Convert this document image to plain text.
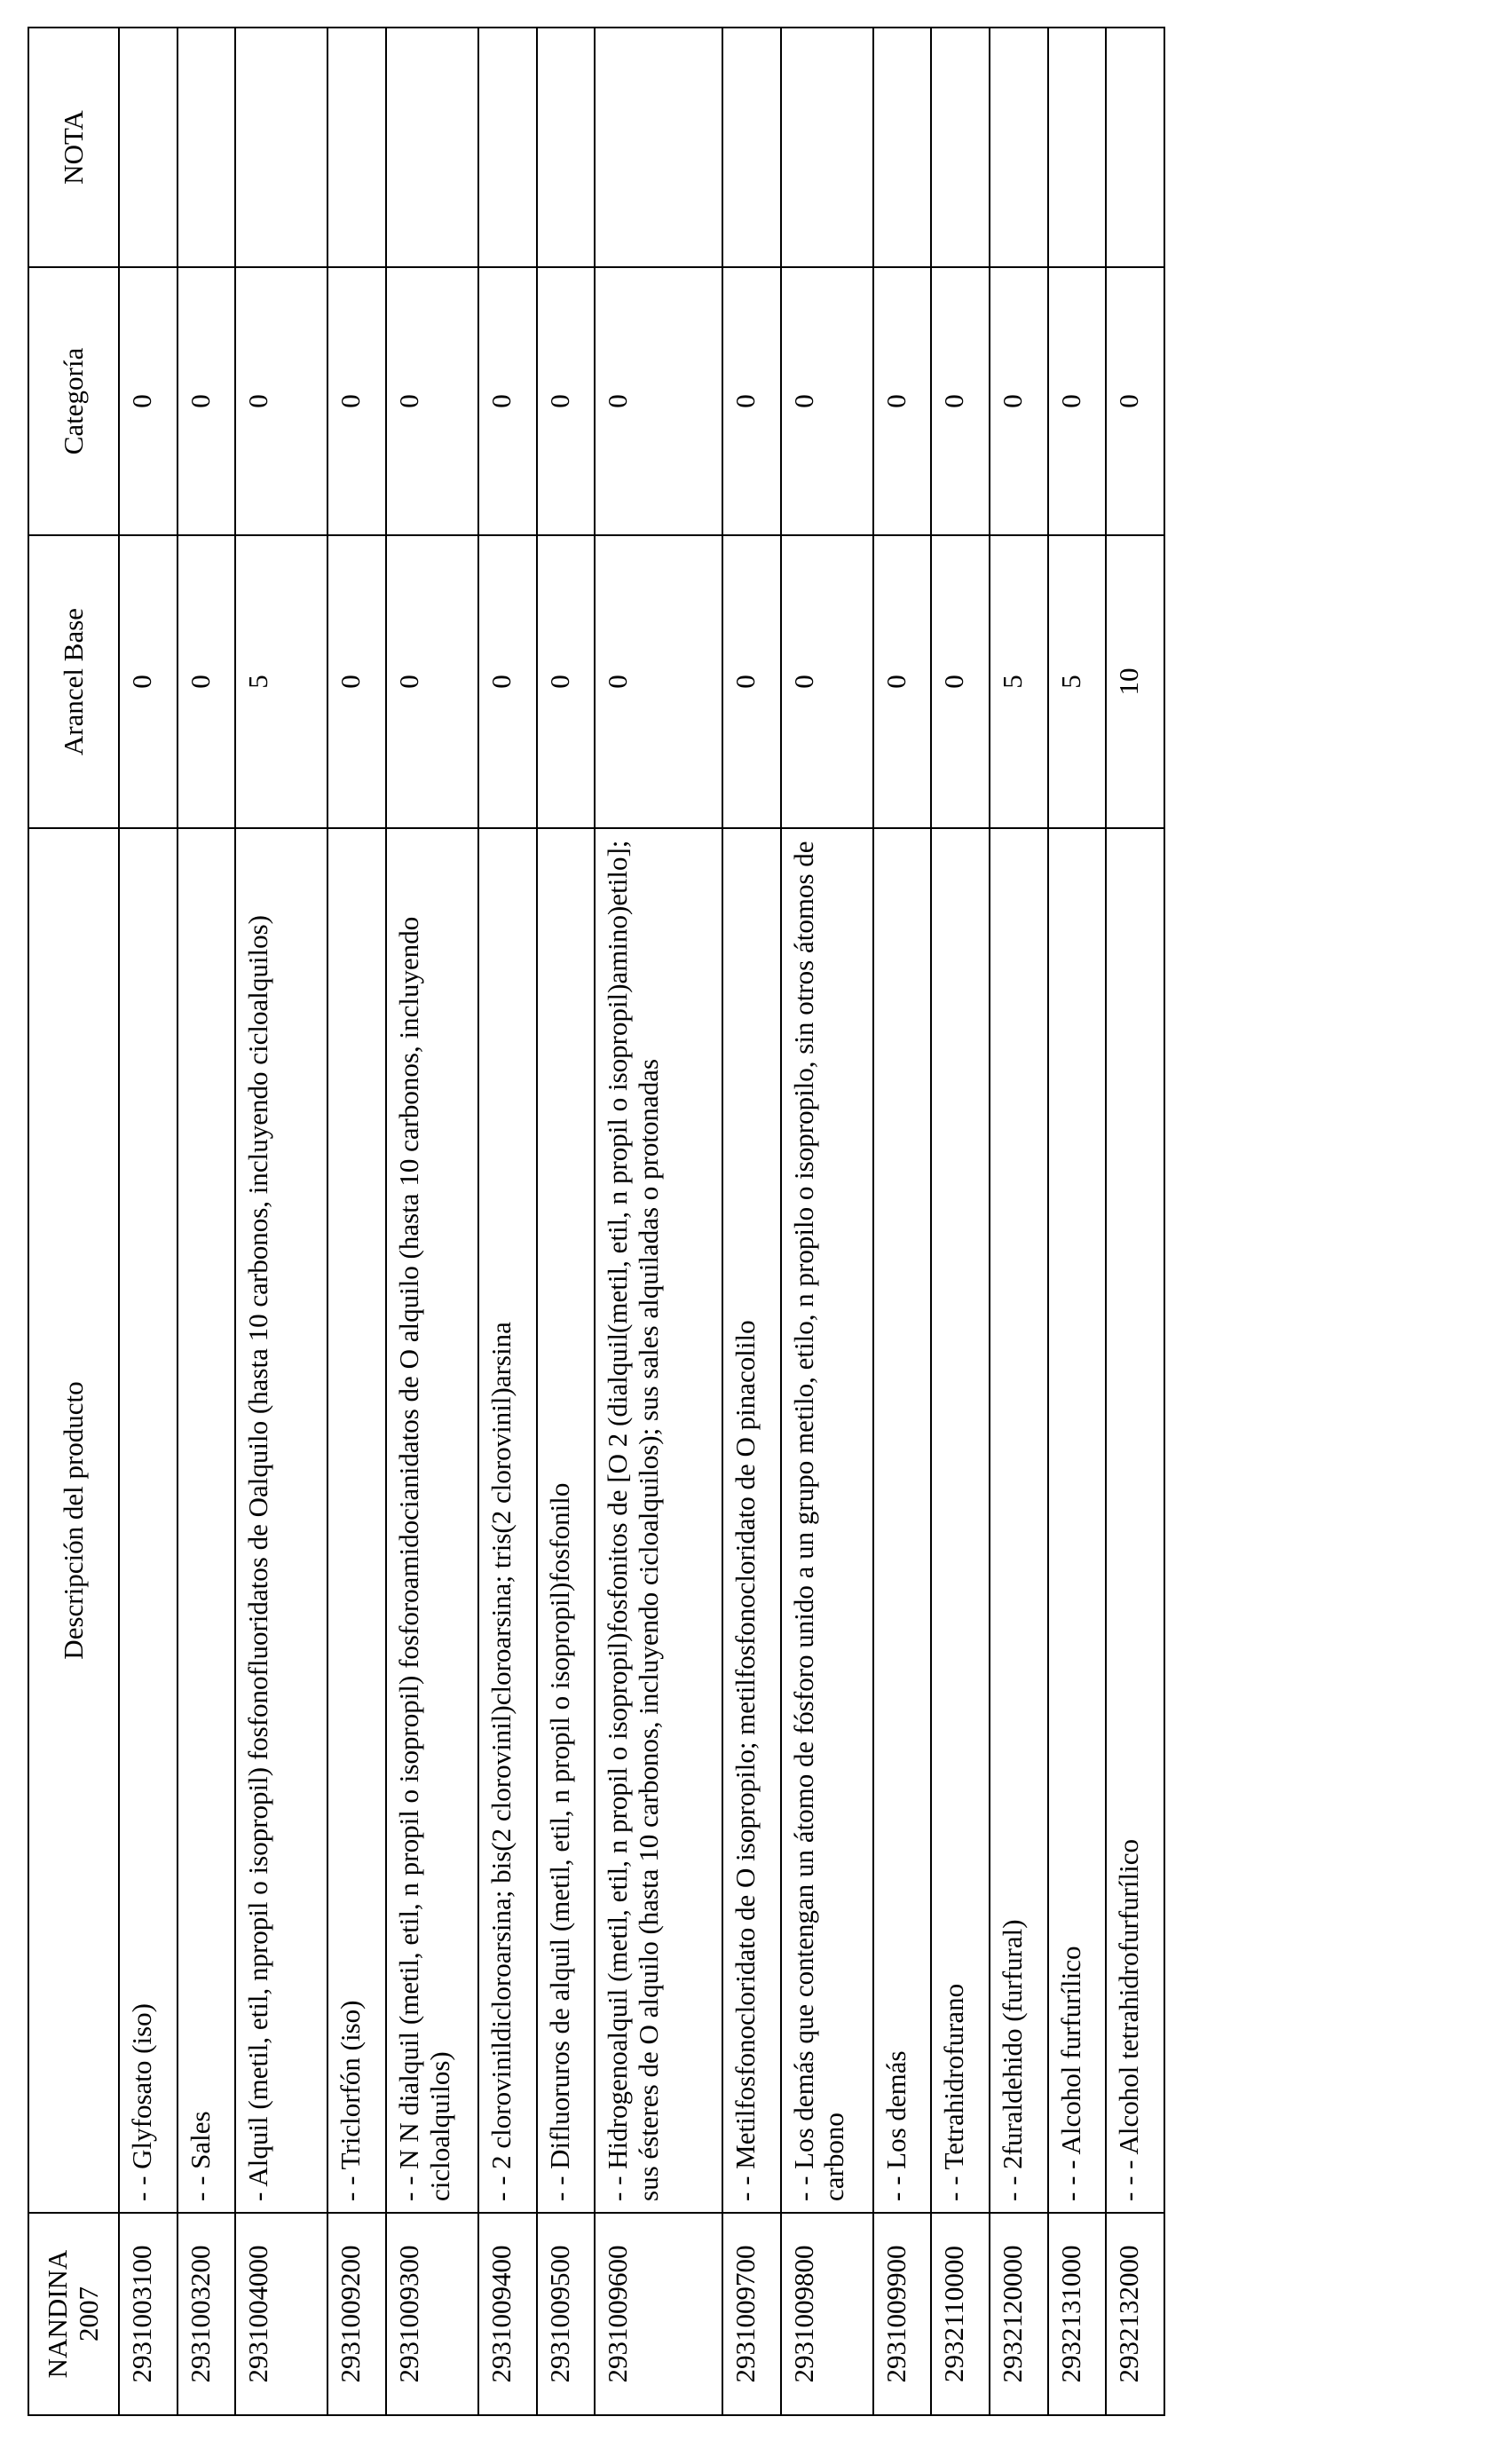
NANDINA 2007	Descripción del producto	Arancel Base	Categoría	NOTA
2931003100	- - Glyfosato (iso)	0	0	
2931003200	- - Sales	0	0	
2931004000	- Alquil (metil, etil, npropil o isopropil) fosfonofluoridatos de Oalquilo (hasta 10 carbonos, incluyendo cicloalquilos)	5	0	
2931009200	- - Triclorfón (iso)	0	0	
2931009300	- - N N dialquil (metil, etil, n propil o isopropil) fosforoamidocianidatos de O alquilo (hasta 10 carbonos, incluyendo cicloalquilos)	0	0	
2931009400	- - 2 clorovinildicloroarsina; bis(2 clorovinil)cloroarsina; tris(2 clorovinil)arsina	0	0	
2931009500	- - Difluoruros de alquil (metil, etil, n propil o isopropil)fosfonilo	0	0	
2931009600	- - Hidrogenoalquil (metil, etil, n propil o isopropil)fosfonitos de [O 2 (dialquil(metil, etil, n propil o isopropil)amino)etilo]; sus ésteres de O alquilo (hasta 10 carbonos, incluyendo cicloalquilos); sus sales alquiladas o protonadas	0	0	
2931009700	- - Metilfosfonocloridato de O isopropilo; metilfosfonocloridato de O pinacolilo	0	0	
2931009800	- - Los demás que contengan un átomo de fósforo unido a un grupo metilo, etilo, n propilo o isopropilo, sin otros átomos de carbono	0	0	
2931009900	- - Los demás	0	0	
2932110000	- - Tetrahidrofurano	0	0	
2932120000	- - 2furaldehido (furfural)	5	0	
2932131000	- - - Alcohol furfurílico	5	0	
2932132000	- - - Alcohol tetrahidrofurfurílico	10	0	
